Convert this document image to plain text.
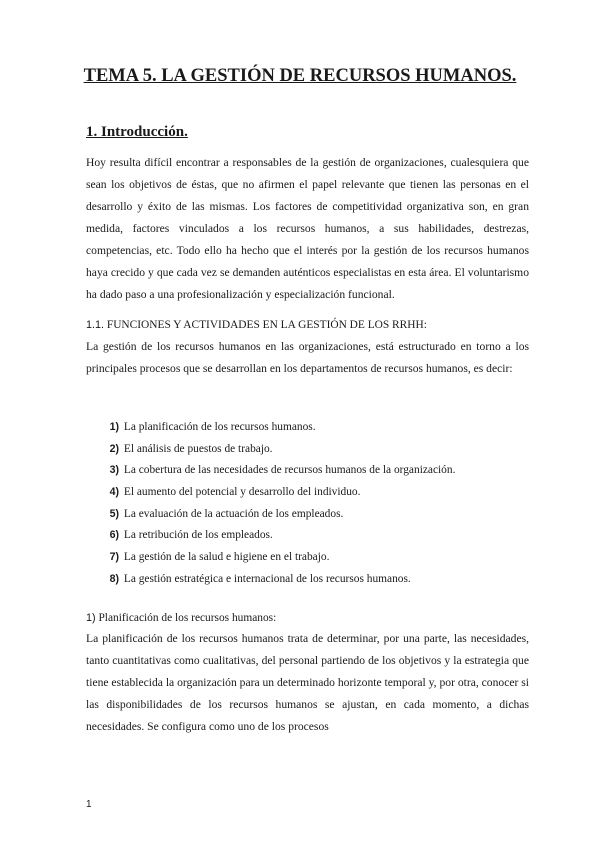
TEMA 5. LA GESTIÓN DE RECURSOS HUMANOS.
1. Introducción.

Hoy resulta difícil encontrar a responsables de la gestión de organizaciones, cualesquiera que sean los objetivos de éstas, que no afirmen el papel relevante que tienen las personas en el desarrollo y éxito de las mismas. Los factores de competitividad organizativa son, en gran medida, factores vinculados a los recursos humanos, a sus habilidades, destrezas, competencias, etc. Todo ello ha hecho que el interés por la gestión de los recursos humanos haya crecido y que cada vez se demanden auténticos especialistas en esta área. El voluntarismo ha dado paso a una profesionalización y especialización funcional.

1.1. FUNCIONES Y ACTIVIDADES EN LA GESTIÓN DE LOS RRHH:

La gestión de los recursos humanos en las organizaciones, está estructurado en torno a los principales procesos que se desarrollan en los departamentos de recursos humanos, es decir:

1) La planificación de los recursos humanos.
2) El análisis de puestos de trabajo.
3) La cobertura de las necesidades de recursos humanos de la organización.
4) El aumento del potencial y desarrollo del individuo.
5) La evaluación de la actuación de los empleados.
6) La retribución de los empleados.
7) La gestión de la salud e higiene en el trabajo.
8) La gestión estratégica e internacional de los recursos humanos.
1) Planificación de los recursos humanos:

La planificación de los recursos humanos trata de determinar, por una parte, las necesidades, tanto cuantitativas como cualitativas, del personal partiendo de los objetivos y la estrategia que tiene establecida la organización para un determinado horizonte temporal y, por otra, conocer si las disponibilidades de los recursos humanos se ajustan, en cada momento, a dichas necesidades. Se configura como uno de los procesos

1
